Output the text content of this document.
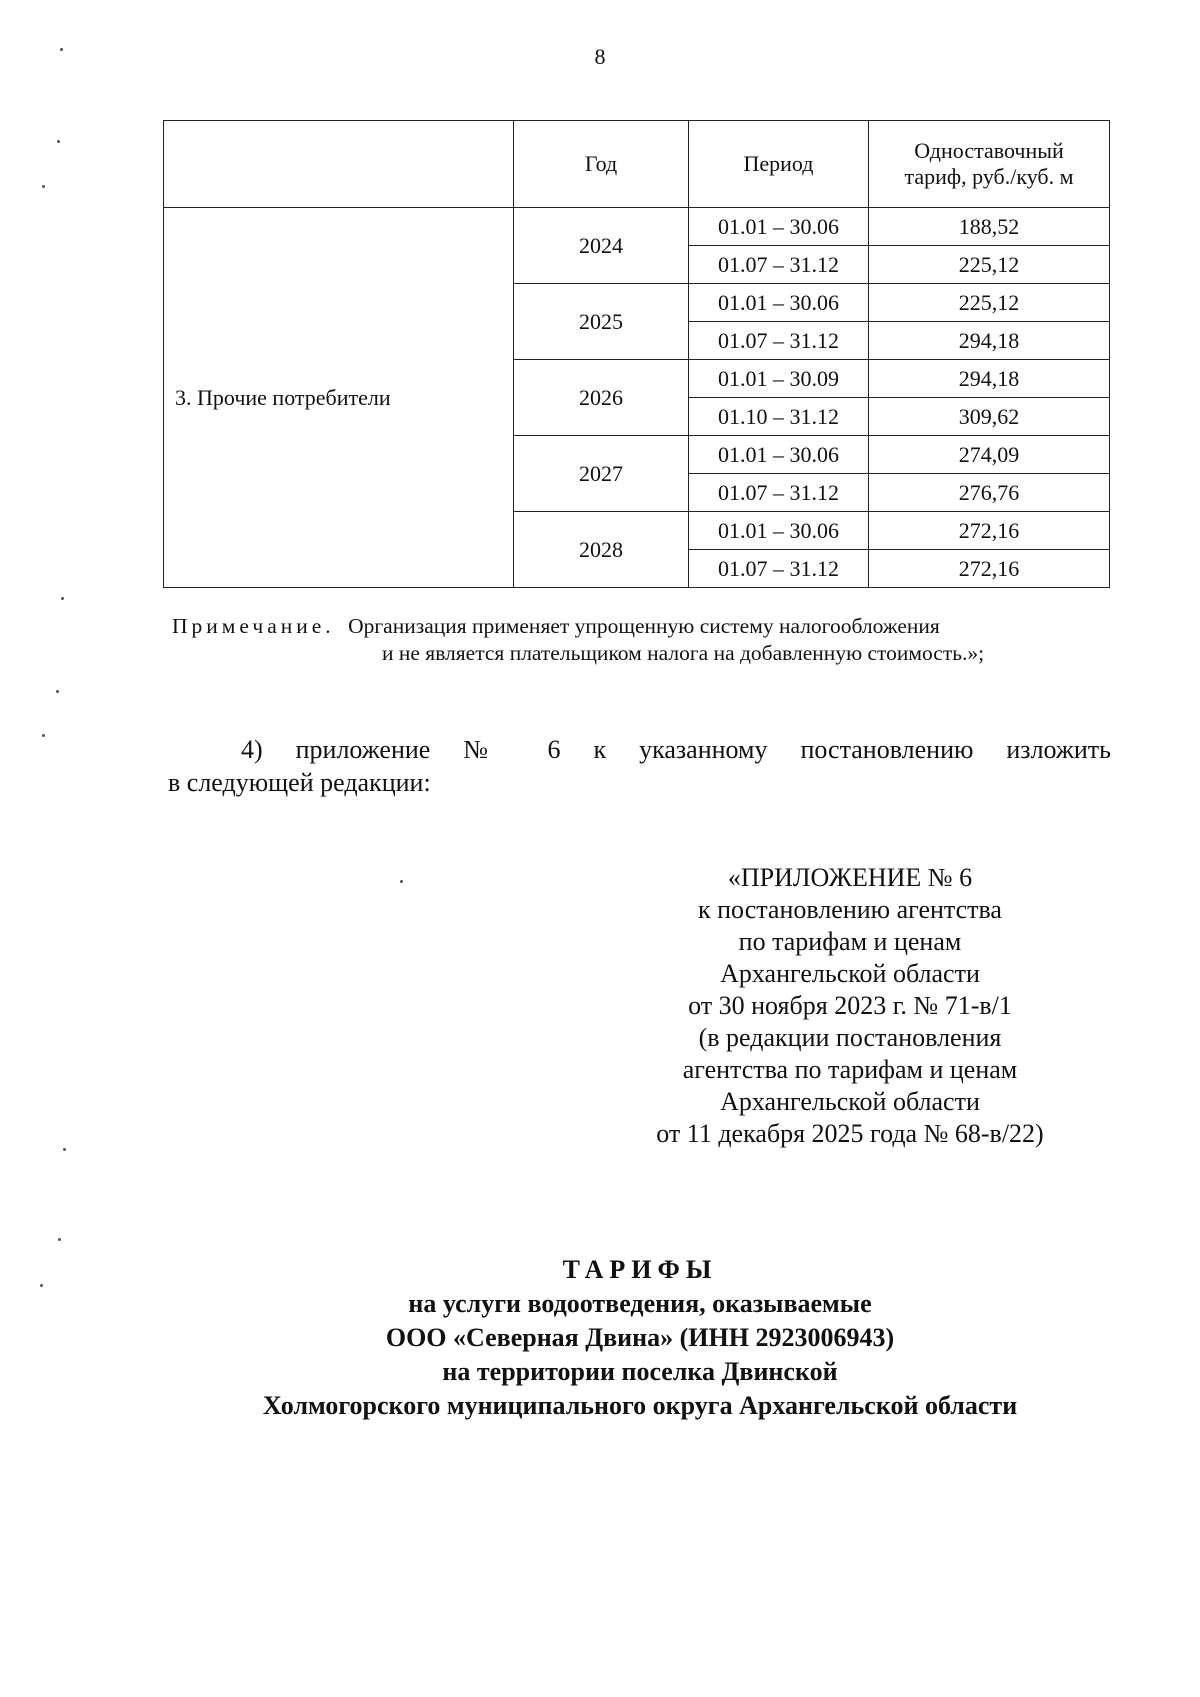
8
	Год	Период	Одноставочный тариф, руб./куб. м
3. Прочие потребители	2024	01.01 – 30.06	188,52
		01.07 – 31.12	225,12
	2025	01.01 – 30.06	225,12
		01.07 – 31.12	294,18
	2026	01.01 – 30.09	294,18
		01.10 – 31.12	309,62
	2027	01.01 – 30.06	274,09
		01.07 – 31.12	276,76
	2028	01.01 – 30.06	272,16
		01.07 – 31.12	272,16
Примечание. Организация применяет упрощенную систему налогообложения
и не является плательщиком налога на добавленную стоимость.»;
4) приложение № 6 к указанному постановлению изложить
в следующей редакции:
«ПРИЛОЖЕНИЕ № 6
к постановлению агентства
по тарифам и ценам
Архангельской области
от 30 ноября 2023 г. № 71-в/1
(в редакции постановления
агентства по тарифам и ценам
Архангельской области
от 11 декабря 2025 года № 68-в/22)
ТАРИФЫ
на услуги водоотведения, оказываемые
ООО «Северная Двина» (ИНН 2923006943)
на территории поселка Двинской
Холмогорского муниципального округа Архангельской области
